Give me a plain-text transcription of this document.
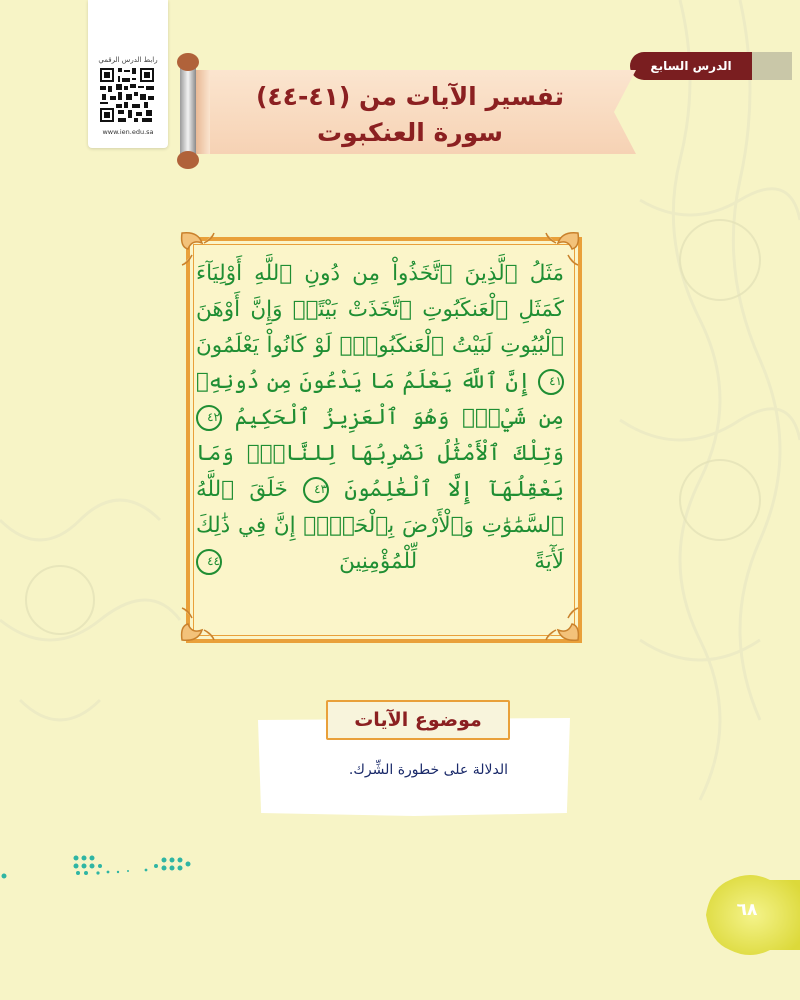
رابط الدرس الرقمي
www.ien.edu.sa
الدرس السابع
تفسير الآيات من (٤١-٤٤)
سورة العنكبوت
مَثَلُ ٱلَّذِينَ ٱتَّخَذُواْ مِن دُونِ ٱللَّهِ أَوْلِيَآءَ كَمَثَلِ ٱلْعَنكَبُوتِ ٱتَّخَذَتْ بَيْتًاۖ وَإِنَّ أَوْهَنَ ٱلْبُيُوتِ لَبَيْتُ ٱلْعَنكَبُوتِۖ لَوْ كَانُواْ يَعْلَمُونَ ٤١ إِنَّ ٱللَّهَ يَعْلَمُ مَا يَدْعُونَ مِن دُونِهِۦ مِن شَيْءٍۚ وَهُوَ ٱلْعَزِيزُ ٱلْحَكِيمُ ٤٢ وَتِلْكَ ٱلْأَمْثَٰلُ نَضْرِبُهَا لِلنَّاسِۖ وَمَا يَعْقِلُهَآ إِلَّا ٱلْعَٰلِمُونَ ٤٣ خَلَقَ ٱللَّهُ ٱلسَّمَٰوَٰتِ وَٱلْأَرْضَ بِٱلْحَقِّۚ إِنَّ فِي ذَٰلِكَ لَأٓيَةً لِّلْمُؤْمِنِينَ ٤٤
موضوع الآيات
الدلالة على خطورة الشِّرك.
٦٨
